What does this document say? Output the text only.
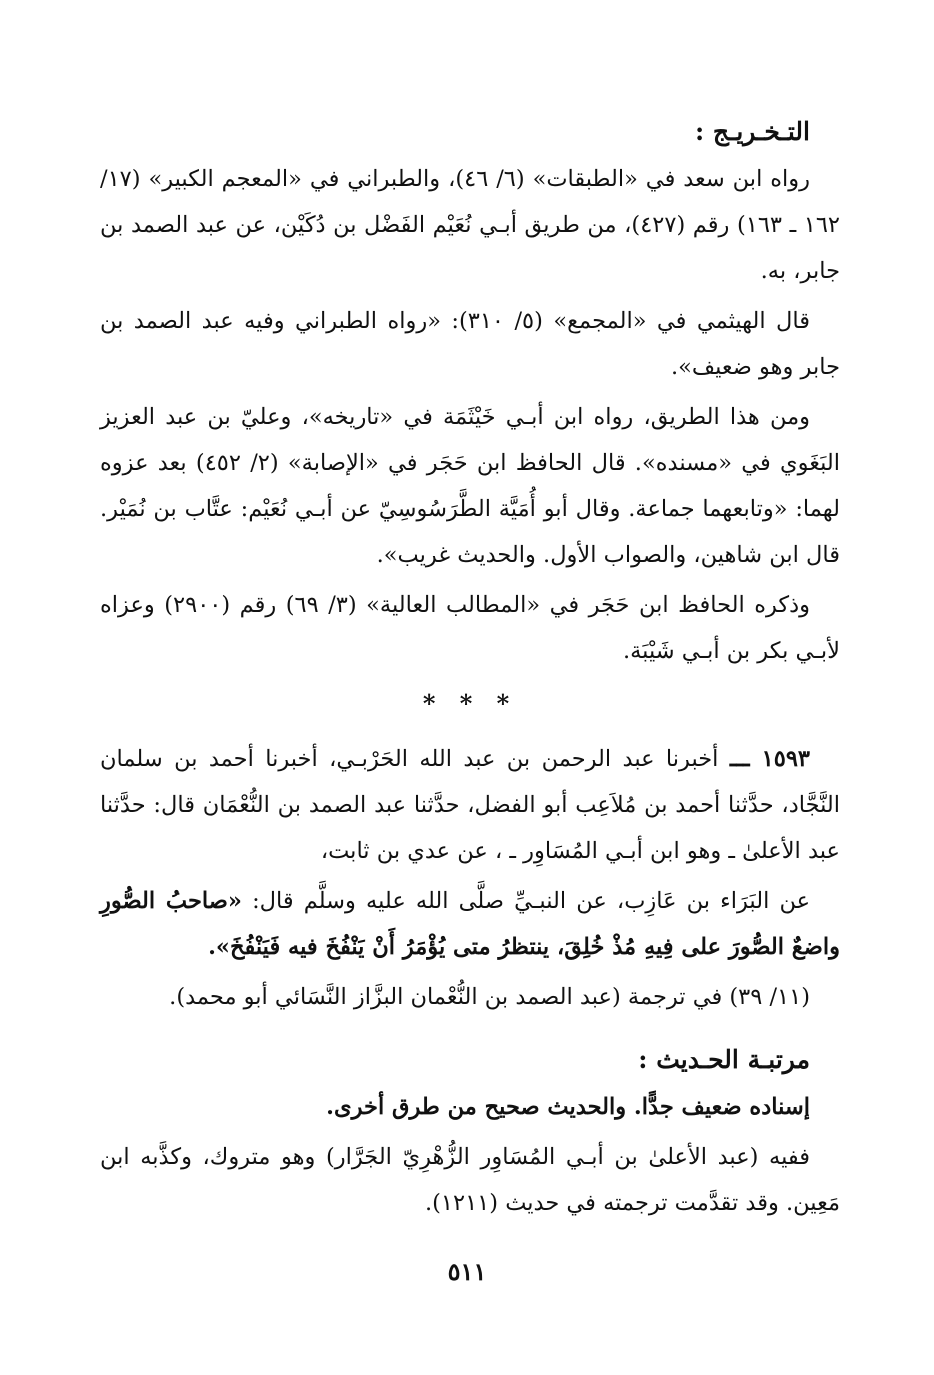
التـخـريـج :

رواه ابن سعد في «الطبقات» (٦/ ٤٦)، والطبراني في «المعجم الكبير» (١٧/ ١٦٢ ـ ١٦٣) رقم (٤٢٧)، من طريق أبـي نُعَيْم الفَضْل بن دُكَيْن، عن عبد الصمد بن جابر، به.

قال الهيثمي في «المجمع» (٥/ ٣١٠): «رواه الطبراني وفيه عبد الصمد بن جابر وهو ضعيف».

ومن هذا الطريق، رواه ابن أبـي خَيْثَمَة في «تاريخه»، وعليّ بن عبد العزيز البَغَوي في «مسنده». قال الحافظ ابن حَجَر في «الإصابة» (٢/ ٤٥٢) بعد عزوه لهما: «وتابعهما جماعة. وقال أبو أُمَيَّة الطَّرَسُوسِيّ عن أبـي نُعَيْم: عتَّاب بن نُمَيْر. قال ابن شاهين، والصواب الأول. والحديث غريب».

وذكره الحافظ ابن حَجَر في «المطالب العالية» (٣/ ٦٩) رقم (٢٩٠٠) وعزاه لأبـي بكر بن أبـي شَيْبَة.

* * *

١٥٩٣ ـــ أخبرنا عبد الرحمن بن عبد الله الحَرْبـي، أخبرنا أحمد بن سلمان النَّجَّاد، حدَّثنا أحمد بن مُلاَعِب أبو الفضل، حدَّثنا عبد الصمد بن النُّعْمَان قال: حدَّثنا عبد الأعلىٰ ـ وهو ابن أبـي المُسَاوِر ـ ، عن عدي بن ثابت،

عن البَرَاء بن عَازِب، عن النبـيِّ صلَّى الله عليه وسلَّم قال: «صاحبُ الصُّورِ واضعٌ الصُّورَ على فِيهِ مُذْ خُلِقَ، ينتظرُ متى يُؤْمَرُ أَنْ يَنْفُخَ فيه فَيَنْفُخَ».

(١١/ ٣٩) في ترجمة (عبد الصمد بن النُّعْمان البزَّاز النَّسَائي أبو محمد).

مرتبـة الحـديث :

إسناده ضعيف جدًّا. والحديث صحيح من طرق أخرى.

ففيه (عبد الأعلىٰ بن أبـي المُسَاوِر الزُّهْرِيّ الجَرَّار) وهو متروك، وكذَّبه ابن مَعِين. وقد تقدَّمت ترجمته في حديث (١٢١١).

٥١١
